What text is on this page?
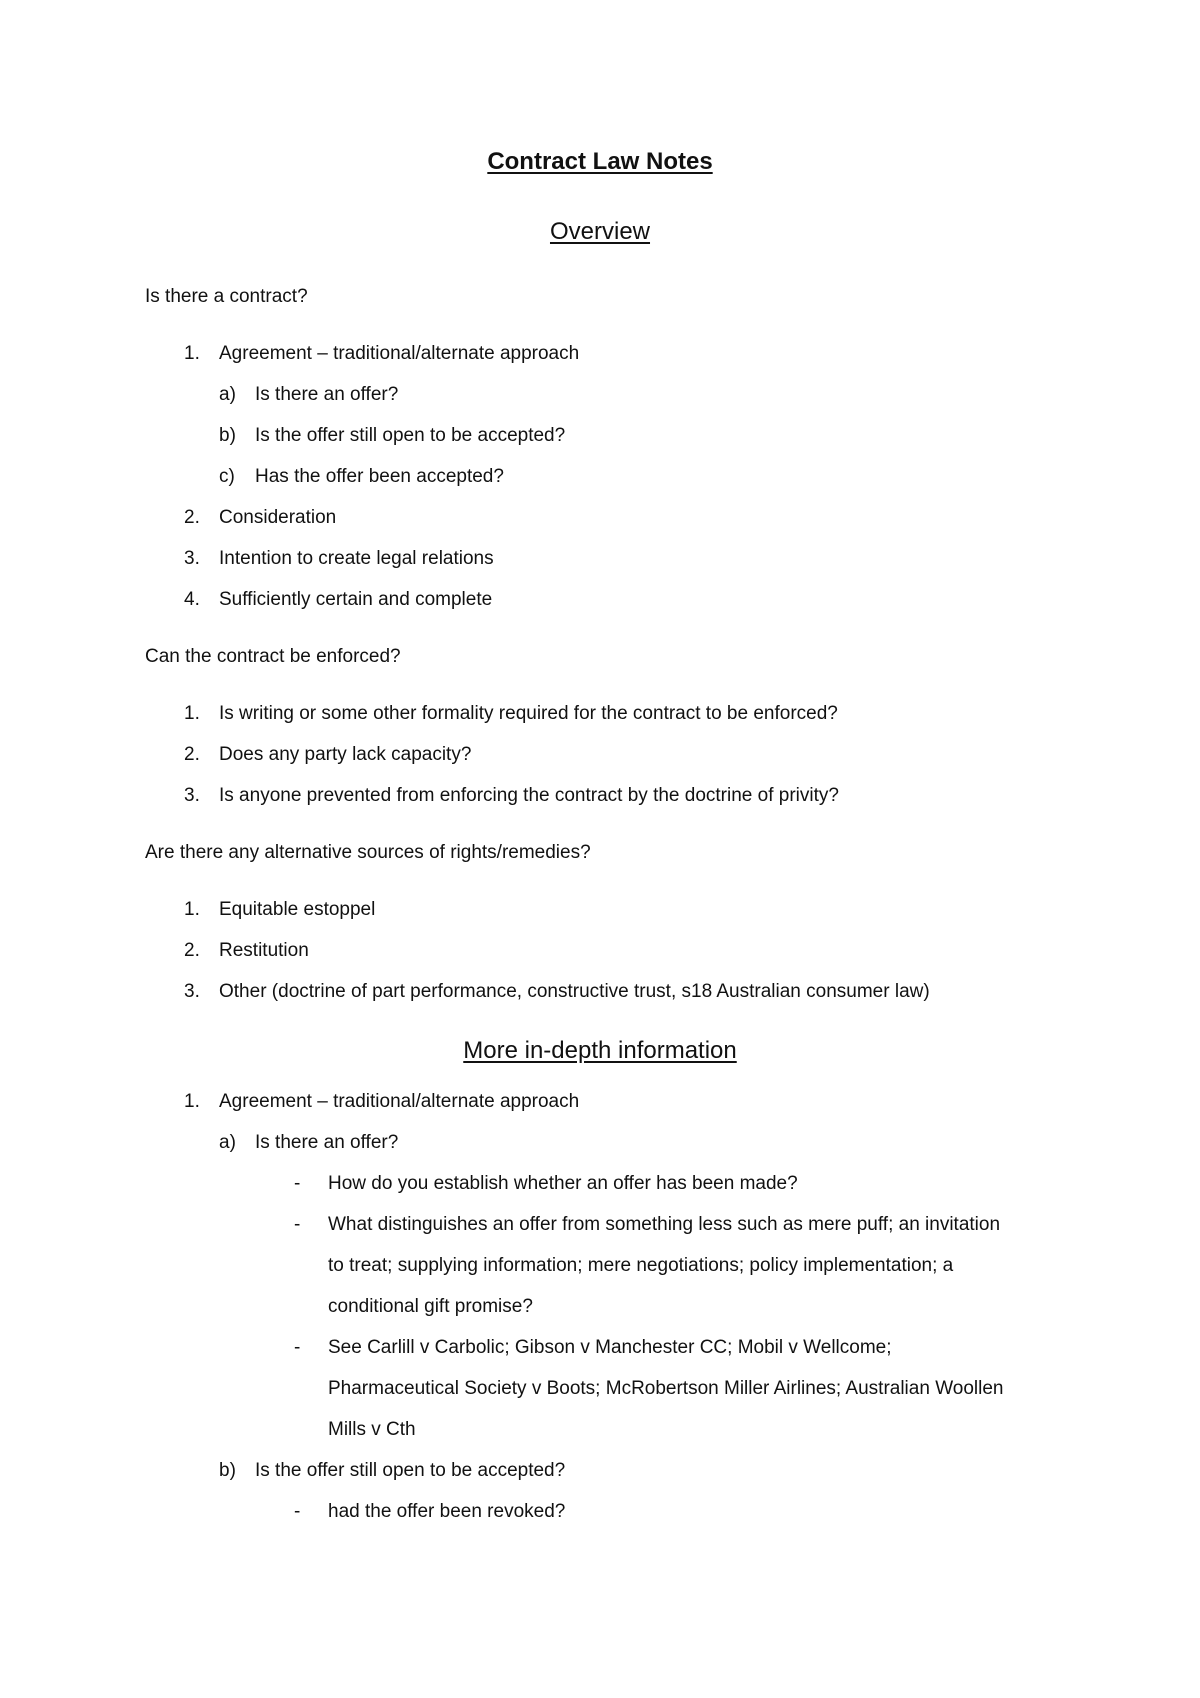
Contract Law Notes
Overview
Is there a contract?
1. Agreement – traditional/alternate approach
a) Is there an offer?
b) Is the offer still open to be accepted?
c) Has the offer been accepted?
2. Consideration
3. Intention to create legal relations
4. Sufficiently certain and complete
Can the contract be enforced?
1. Is writing or some other formality required for the contract to be enforced?
2. Does any party lack capacity?
3. Is anyone prevented from enforcing the contract by the doctrine of privity?
Are there any alternative sources of rights/remedies?
1. Equitable estoppel
2. Restitution
3. Other (doctrine of part performance, constructive trust, s18 Australian consumer law)
More in-depth information
1. Agreement – traditional/alternate approach
a) Is there an offer?
- How do you establish whether an offer has been made?
- What distinguishes an offer from something less such as mere puff; an invitation
to treat; supplying information; mere negotiations; policy implementation; a
conditional gift promise?
- See Carlill v Carbolic; Gibson v Manchester CC; Mobil v Wellcome;
Pharmaceutical Society v Boots; McRobertson Miller Airlines; Australian Woollen
Mills v Cth
b) Is the offer still open to be accepted?
- had the offer been revoked?
